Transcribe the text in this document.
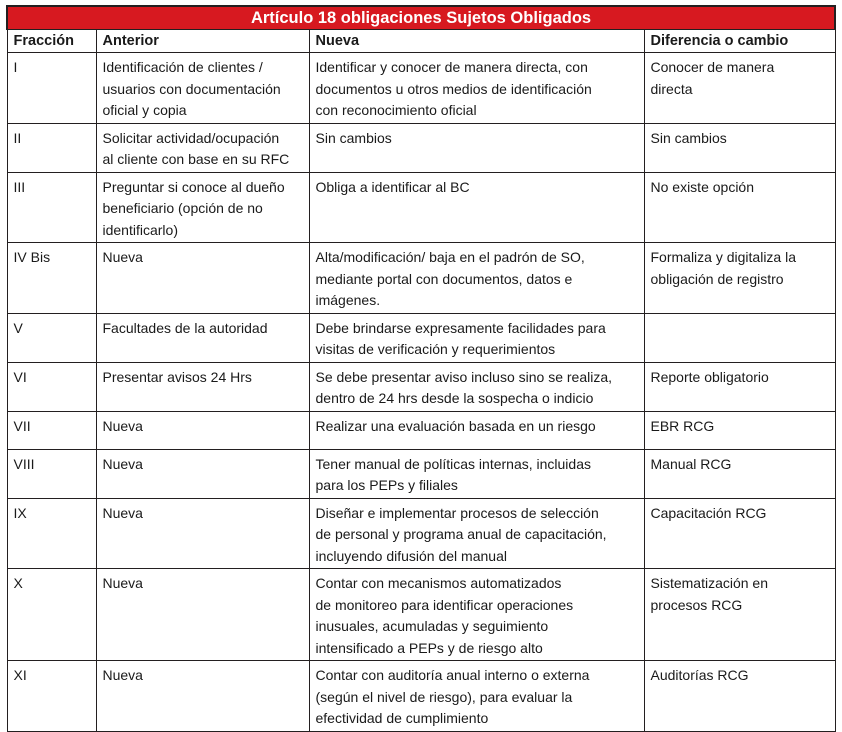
Artículo 18 obligaciones Sujetos Obligados			
Fracción	Anterior	Nueva	Diferencia o cambio
I	Identificación de clientes /
usuarios con documentación
oficial y copia	Identificar y conocer de manera directa, con
documentos u otros medios de identificación
con reconocimiento oficial	Conocer de manera
directa
II	Solicitar actividad/ocupación
al cliente con base en su RFC	Sin cambios	Sin cambios
III	Preguntar si conoce al dueño
beneficiario (opción de no
identificarlo)	Obliga a identificar al BC	No existe opción
IV Bis	Nueva	Alta/modificación/ baja en el padrón de SO,
mediante portal con documentos, datos e
imágenes.	Formaliza y digitaliza la
obligación de registro
V	Facultades de la autoridad	Debe brindarse expresamente facilidades para
visitas de verificación y requerimientos	
VI	Presentar avisos 24 Hrs	Se debe presentar aviso incluso sino se realiza,
dentro de 24 hrs desde la sospecha o indicio	Reporte obligatorio
VII	Nueva	Realizar una evaluación basada en un riesgo	EBR RCG
VIII	Nueva	Tener manual de políticas internas, incluidas
para los PEPs y filiales	Manual RCG
IX	Nueva	Diseñar e implementar procesos de selección
de personal y programa anual de capacitación,
incluyendo difusión del manual	Capacitación RCG
X	Nueva	Contar con mecanismos automatizados
de monitoreo para identificar operaciones
inusuales, acumuladas y seguimiento
intensificado a PEPs y de riesgo alto	Sistematización en
procesos RCG
XI	Nueva	Contar con auditoría anual interno o externa
(según el nivel de riesgo), para evaluar la
efectividad de cumplimiento	Auditorías RCG
